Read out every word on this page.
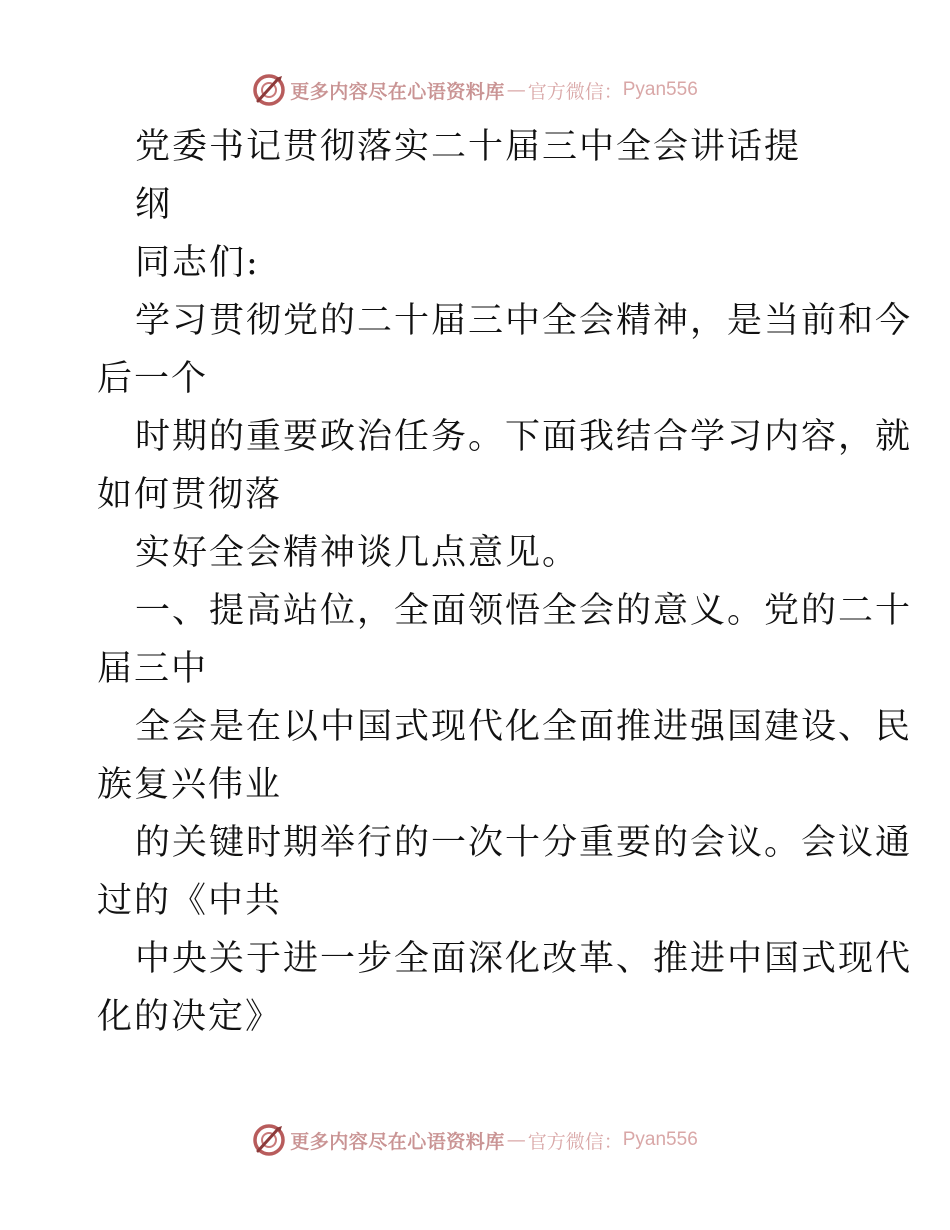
更多内容尽在心语资料库 — 官方微信： Pyan556
党委书记贯彻落实二十届三中全会讲话提
纲
同志们:
学习贯彻党的二十届三中全会精神，是当前和今
后一个
时期的重要政治任务。下面我结合学习内容，就
如何贯彻落
实好全会精神谈几点意见。
一、提高站位，全面领悟全会的意义。党的二十
届三中
全会是在以中国式现代化全面推进强国建设、民
族复兴伟业
的关键时期举行的一次十分重要的会议。会议通
过的《中共
中央关于进一步全面深化改革、推进中国式现代
化的决定》
更多内容尽在心语资料库 — 官方微信： Pyan556
